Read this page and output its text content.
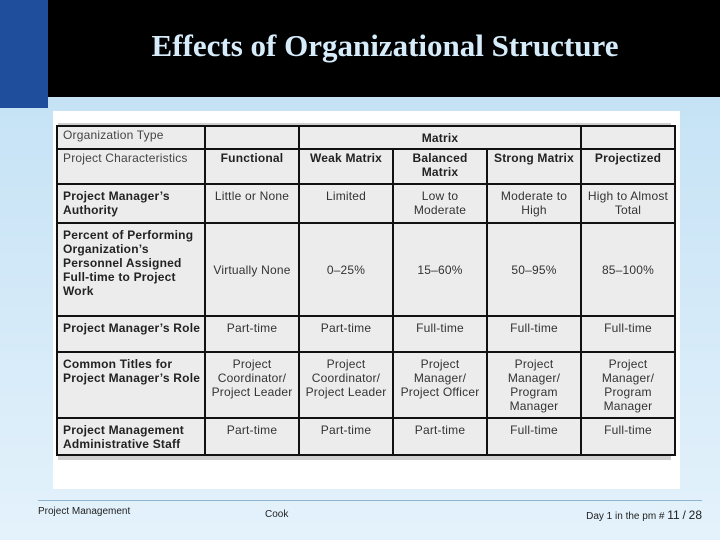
Effects of Organizational Structure
Organization Type		Matrix			
Project Characteristics	Functional	Weak Matrix	Balanced Matrix	Strong Matrix	Projectized
Project Manager’s Authority	Little or None	Limited	Low to Moderate	Moderate to High	High to Almost Total
Percent of Performing Organization’s Personnel Assigned Full-time to Project Work	Virtually None	0–25%	15–60%	50–95%	85–100%
Project Manager’s Role	Part-time	Part-time	Full-time	Full-time	Full-time
Common Titles for Project Manager’s Role	Project Coordinator/ Project Leader	Project Coordinator/ Project Leader	Project Manager/ Project Officer	Project Manager/ Program Manager	Project Manager/ Program Manager
Project Management Administrative Staff	Part-time	Part-time	Part-time	Full-time	Full-time
Project Management	Cook	Day 1 in the pm # 11 / 28
